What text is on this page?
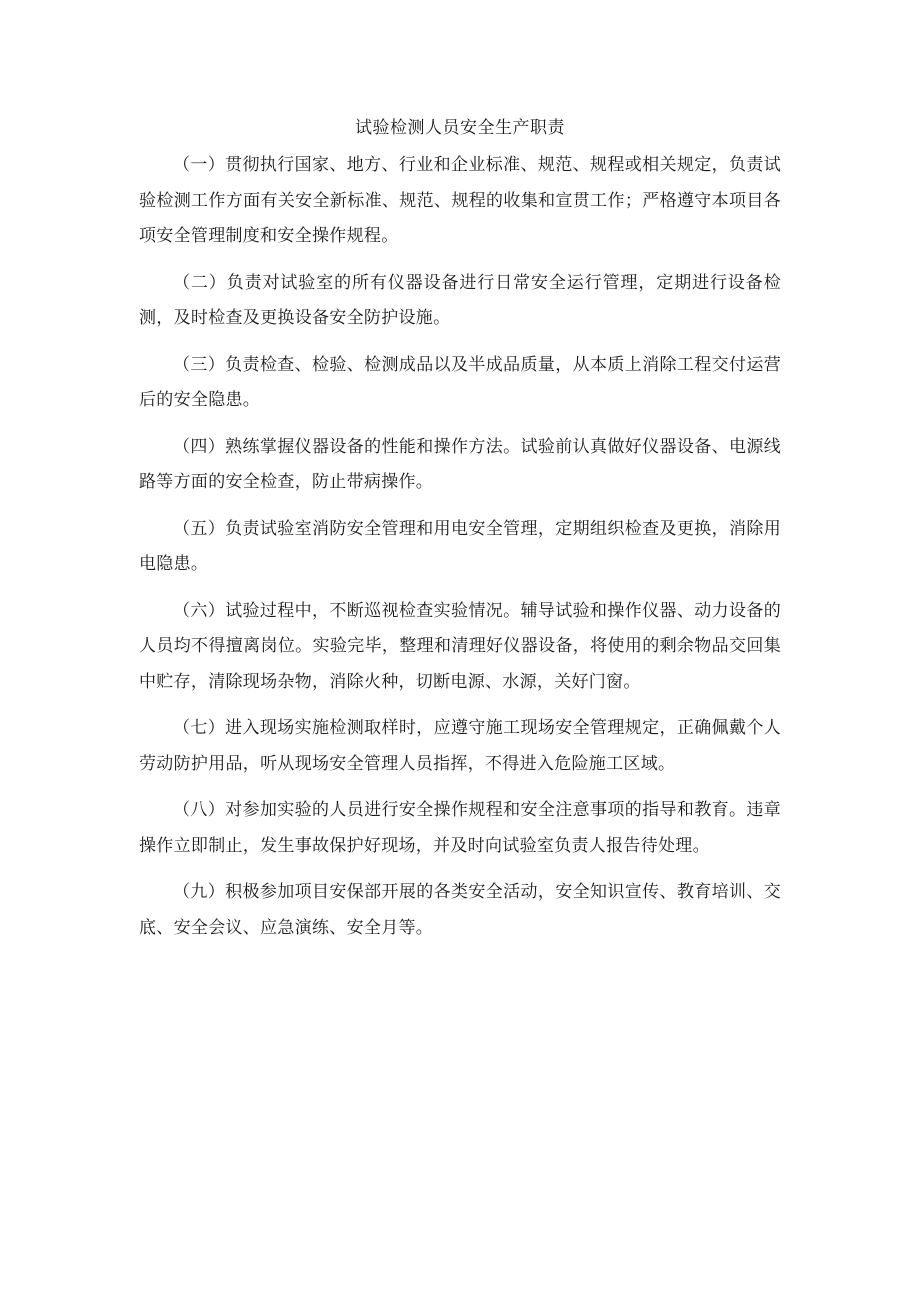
试验检测人员安全生产职责

（一）贯彻执行国家、地方、行业和企业标准、规范、规程或相关规定，负责试验检测工作方面有关安全新标准、规范、规程的收集和宣贯工作；严格遵守本项目各项安全管理制度和安全操作规程。

（二）负责对试验室的所有仪器设备进行日常安全运行管理，定期进行设备检测，及时检查及更换设备安全防护设施。

（三）负责检查、检验、检测成品以及半成品质量，从本质上消除工程交付运营后的安全隐患。

（四）熟练掌握仪器设备的性能和操作方法。试验前认真做好仪器设备、电源线路等方面的安全检查，防止带病操作。

（五）负责试验室消防安全管理和用电安全管理，定期组织检查及更换，消除用电隐患。

（六）试验过程中，不断巡视检查实验情况。辅导试验和操作仪器、动力设备的人员均不得擅离岗位。实验完毕，整理和清理好仪器设备，将使用的剩余物品交回集中贮存，清除现场杂物，消除火种，切断电源、水源，关好门窗。

（七）进入现场实施检测取样时，应遵守施工现场安全管理规定，正确佩戴个人劳动防护用品，听从现场安全管理人员指挥，不得进入危险施工区域。

（八）对参加实验的人员进行安全操作规程和安全注意事项的指导和教育。违章操作立即制止，发生事故保护好现场，并及时向试验室负责人报告待处理。

（九）积极参加项目安保部开展的各类安全活动，安全知识宣传、教育培训、交底、安全会议、应急演练、安全月等。
